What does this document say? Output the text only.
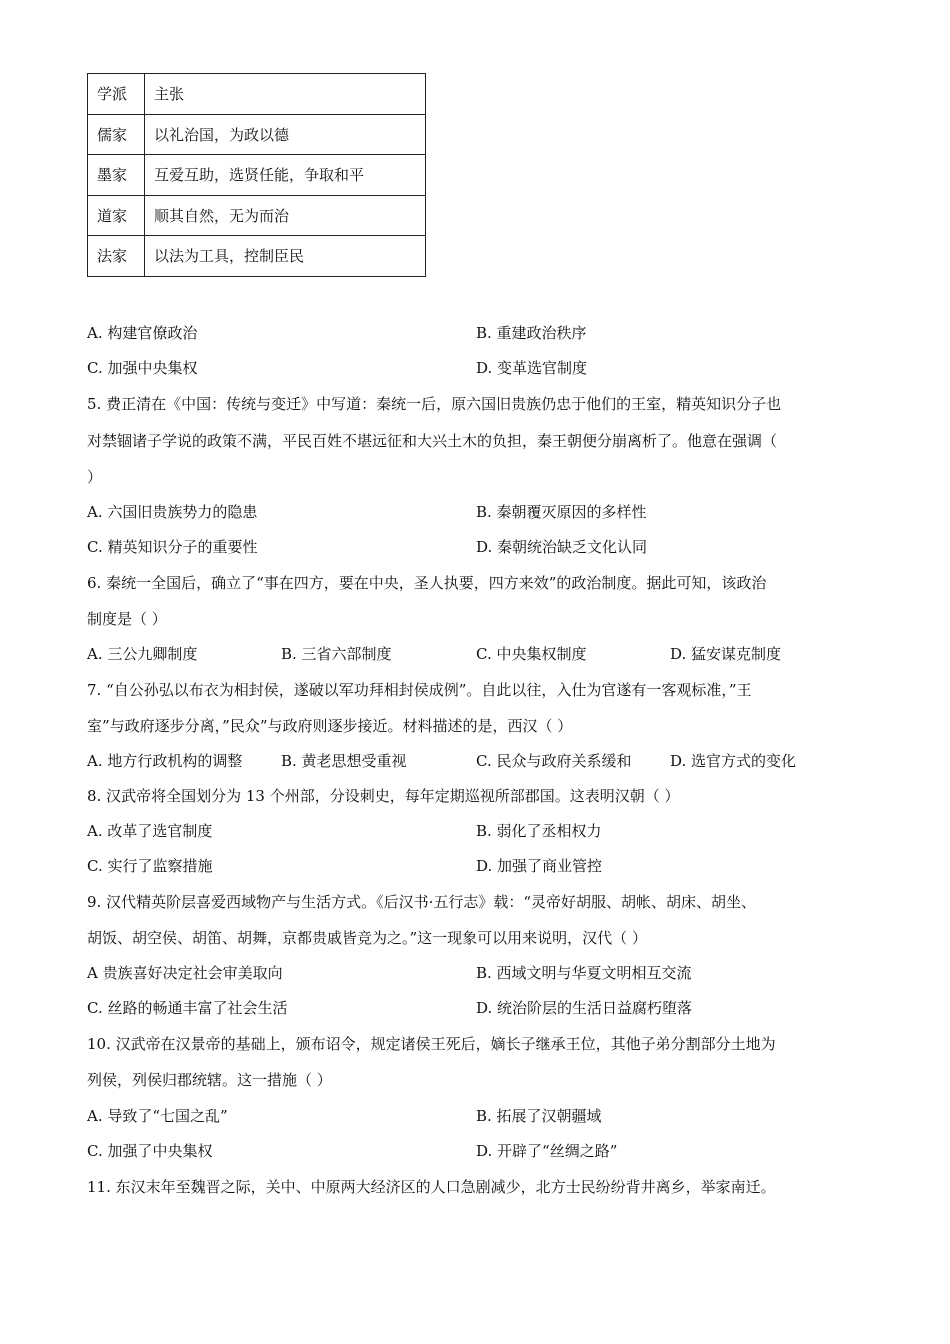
学派	主张
儒家	以礼治国，为政以德
墨家	互爱互助，选贤任能，争取和平
道家	顺其自然，无为而治
法家	以法为工具，控制臣民
A. 构建官僚政治	B. 重建政治秩序
C. 加强中央集权	D. 变革选官制度
5. 费正清在《中国：传统与变迁》中写道：秦统一后，原六国旧贵族仍忠于他们的王室，精英知识分子也
对禁锢诸子学说的政策不满，平民百姓不堪远征和大兴土木的负担，秦王朝便分崩离析了。他意在强调（
）
A. 六国旧贵族势力的隐患	B. 秦朝覆灭原因的多样性
C. 精英知识分子的重要性	D. 秦朝统治缺乏文化认同
6. 秦统一全国后，确立了“事在四方，要在中央，圣人执要，四方来效”的政治制度。据此可知，该政治
制度是（ ）
A. 三公九卿制度	B. 三省六部制度	C. 中央集权制度	D. 猛安谋克制度
7. “自公孙弘以布衣为相封侯，遂破以军功拜相封侯成例”。自此以往，入仕为官遂有一客观标准，”王
室”与政府逐步分离，”民众”与政府则逐步接近。材料描述的是，西汉（ ）
A. 地方行政机构的调整	B. 黄老思想受重视	C. 民众与政府关系缓和	D. 选官方式的变化
8. 汉武帝将全国划分为 13 个州部，分设刺史，每年定期巡视所部郡国。这表明汉朝（ ）
A. 改革了选官制度	B. 弱化了丞相权力
C. 实行了监察措施	D. 加强了商业管控
9. 汉代精英阶层喜爱西域物产与生活方式。《后汉书·五行志》载：“灵帝好胡服、胡帐、胡床、胡坐、
胡饭、胡空侯、胡笛、胡舞，京都贵戚皆竞为之。”这一现象可以用来说明，汉代（ ）
A 贵族喜好决定社会审美取向	B. 西域文明与华夏文明相互交流
C. 丝路的畅通丰富了社会生活	D. 统治阶层的生活日益腐朽堕落
10. 汉武帝在汉景帝的基础上，颁布诏令，规定诸侯王死后，嫡长子继承王位，其他子弟分割部分土地为
列侯，列侯归郡统辖。这一措施（ ）
A. 导致了“七国之乱”	B. 拓展了汉朝疆域
C. 加强了中央集权	D. 开辟了“丝绸之路”
11. 东汉末年至魏晋之际，关中、中原两大经济区的人口急剧减少，北方士民纷纷背井离乡，举家南迁。
